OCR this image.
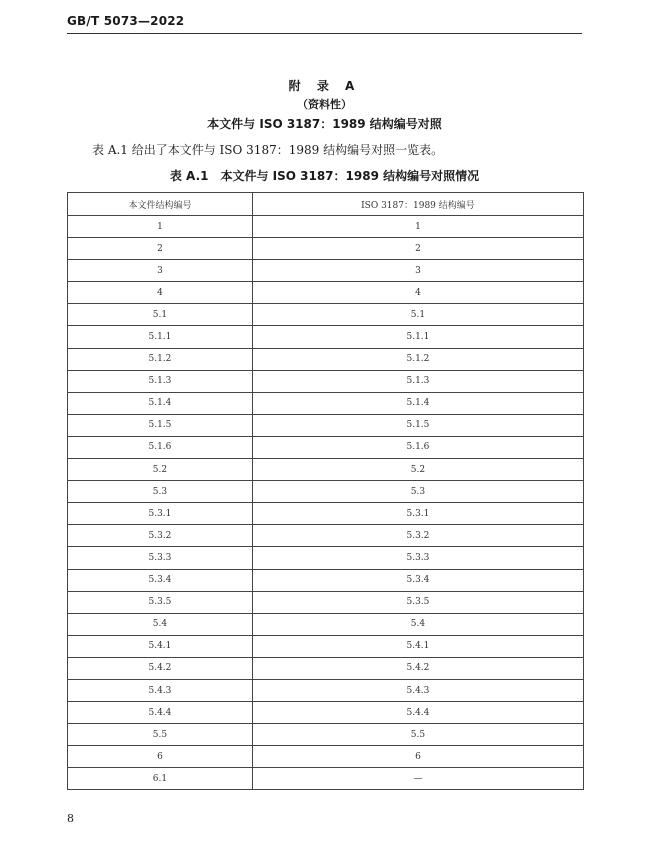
GB/T 5073—2022
附 录 A
（资料性）
本文件与 ISO 3187：1989 结构编号对照
表 A.1 给出了本文件与 ISO 3187：1989 结构编号对照一览表。
表 A.1　本文件与 ISO 3187：1989 结构编号对照情况
本文件结构编号	ISO 3187：1989 结构编号
1	1
2	2
3	3
4	4
5.1	5.1
5.1.1	5.1.1
5.1.2	5.1.2
5.1.3	5.1.3
5.1.4	5.1.4
5.1.5	5.1.5
5.1.6	5.1.6
5.2	5.2
5.3	5.3
5.3.1	5.3.1
5.3.2	5.3.2
5.3.3	5.3.3
5.3.4	5.3.4
5.3.5	5.3.5
5.4	5.4
5.4.1	5.4.1
5.4.2	5.4.2
5.4.3	5.4.3
5.4.4	5.4.4
5.5	5.5
6	6
6.1	—
8
